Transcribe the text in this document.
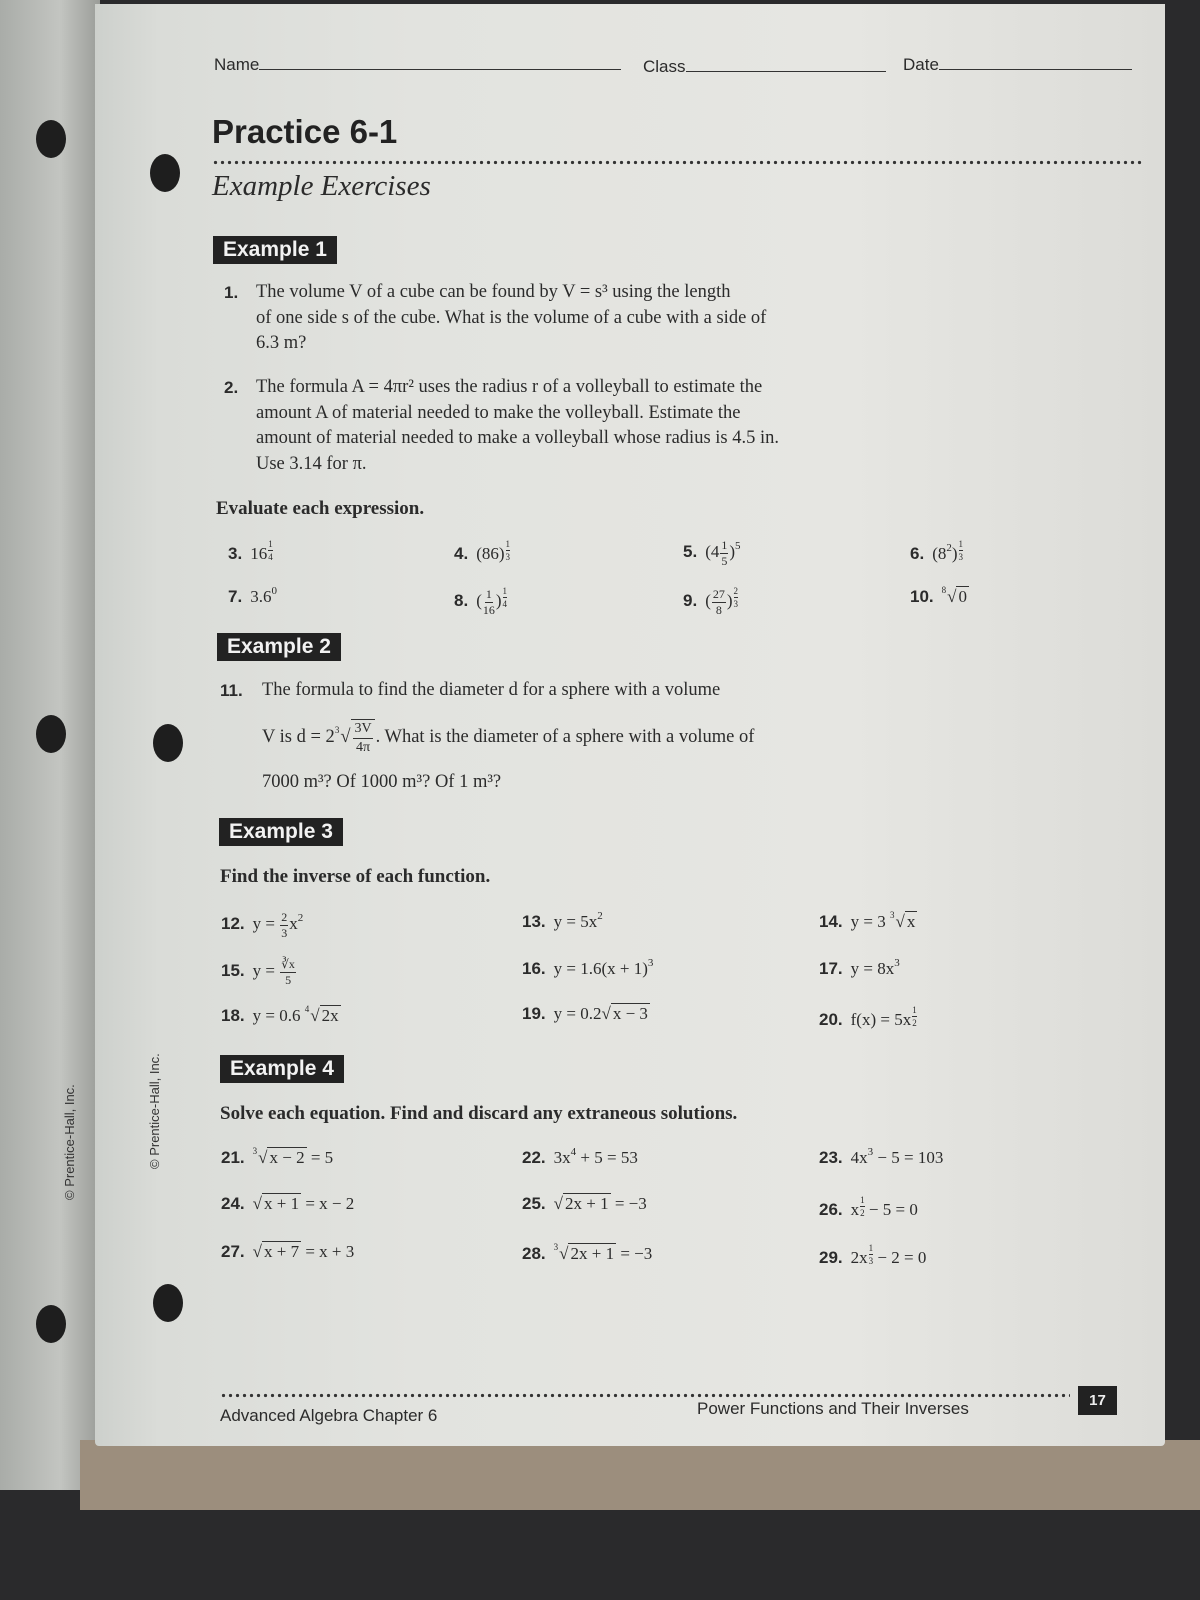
© Prentice-Hall, Inc.	© Prentice-Hall, Inc.
Name	Class	Date
Practice 6-1
Example Exercises
Example 1
1. The volume V of a cube can be found by V = s³ using the length
of one side s of the cube. What is the volume of a cube with a side of
6.3 m?
2. The formula A = 4πr² uses the radius r of a volleyball to estimate the
amount A of material needed to make the volleyball. Estimate the
amount of material needed to make a volleyball whose radius is 4.5 in.
Use 3.14 for π.
Evaluate each expression.
3. $16 \frac{1}{4}$	4. $(86) \frac{1}{3}$	5. $(4 \frac{1}{5} )^5$	6. $(8^2) \frac{1}{3}$
7. $3.6^0$	8. ( $\frac{1}{16}$ ) $\frac{1}{4}$	9. ( $\frac{27}{8}$ ) $\frac{2}{3}$	10. $^8$√ 0
Example 2
11.	The formula to find the diameter d for a sphere with a volume
V is $d = 2^3√ \frac{3V}{4\pi}$ . What is the diameter of a sphere with a volume of
7000 m³? Of 1000 m³? Of 1 m³?
Example 3
Find the inverse of each function.
12. $y = \frac{2}{3} x^2$	13. $y = 5x^2$	14. y = 3 $^3$√ x
15. $y = \frac{∛x}{5}$	16. $y = 1.6(x + 1)^3$	17. $y = 8x^3$
18. y = 0.6 $^4$√ 2x	19. y = 0.2√ x − 3	20. $f(x) = 5x \frac{1}{2}$
Example 4
Solve each equation. Find and discard any extraneous solutions.
21. $^3$√ x − 2 = 5	22. $3x^4 + 5 = 53$	23. $4x^3 - 5 = 103$
24. √ x + 1 = x − 2	25. √ 2x + 1 = −3	26. x $\frac{1}{2} - 5 = 0$
27. √ x + 7 = x + 3	28. $^3$√ 2x + 1 = −3	29. $2x \frac{1}{3} - 2 = 0$
Advanced Algebra Chapter 6	Power Functions and Their Inverses	17
